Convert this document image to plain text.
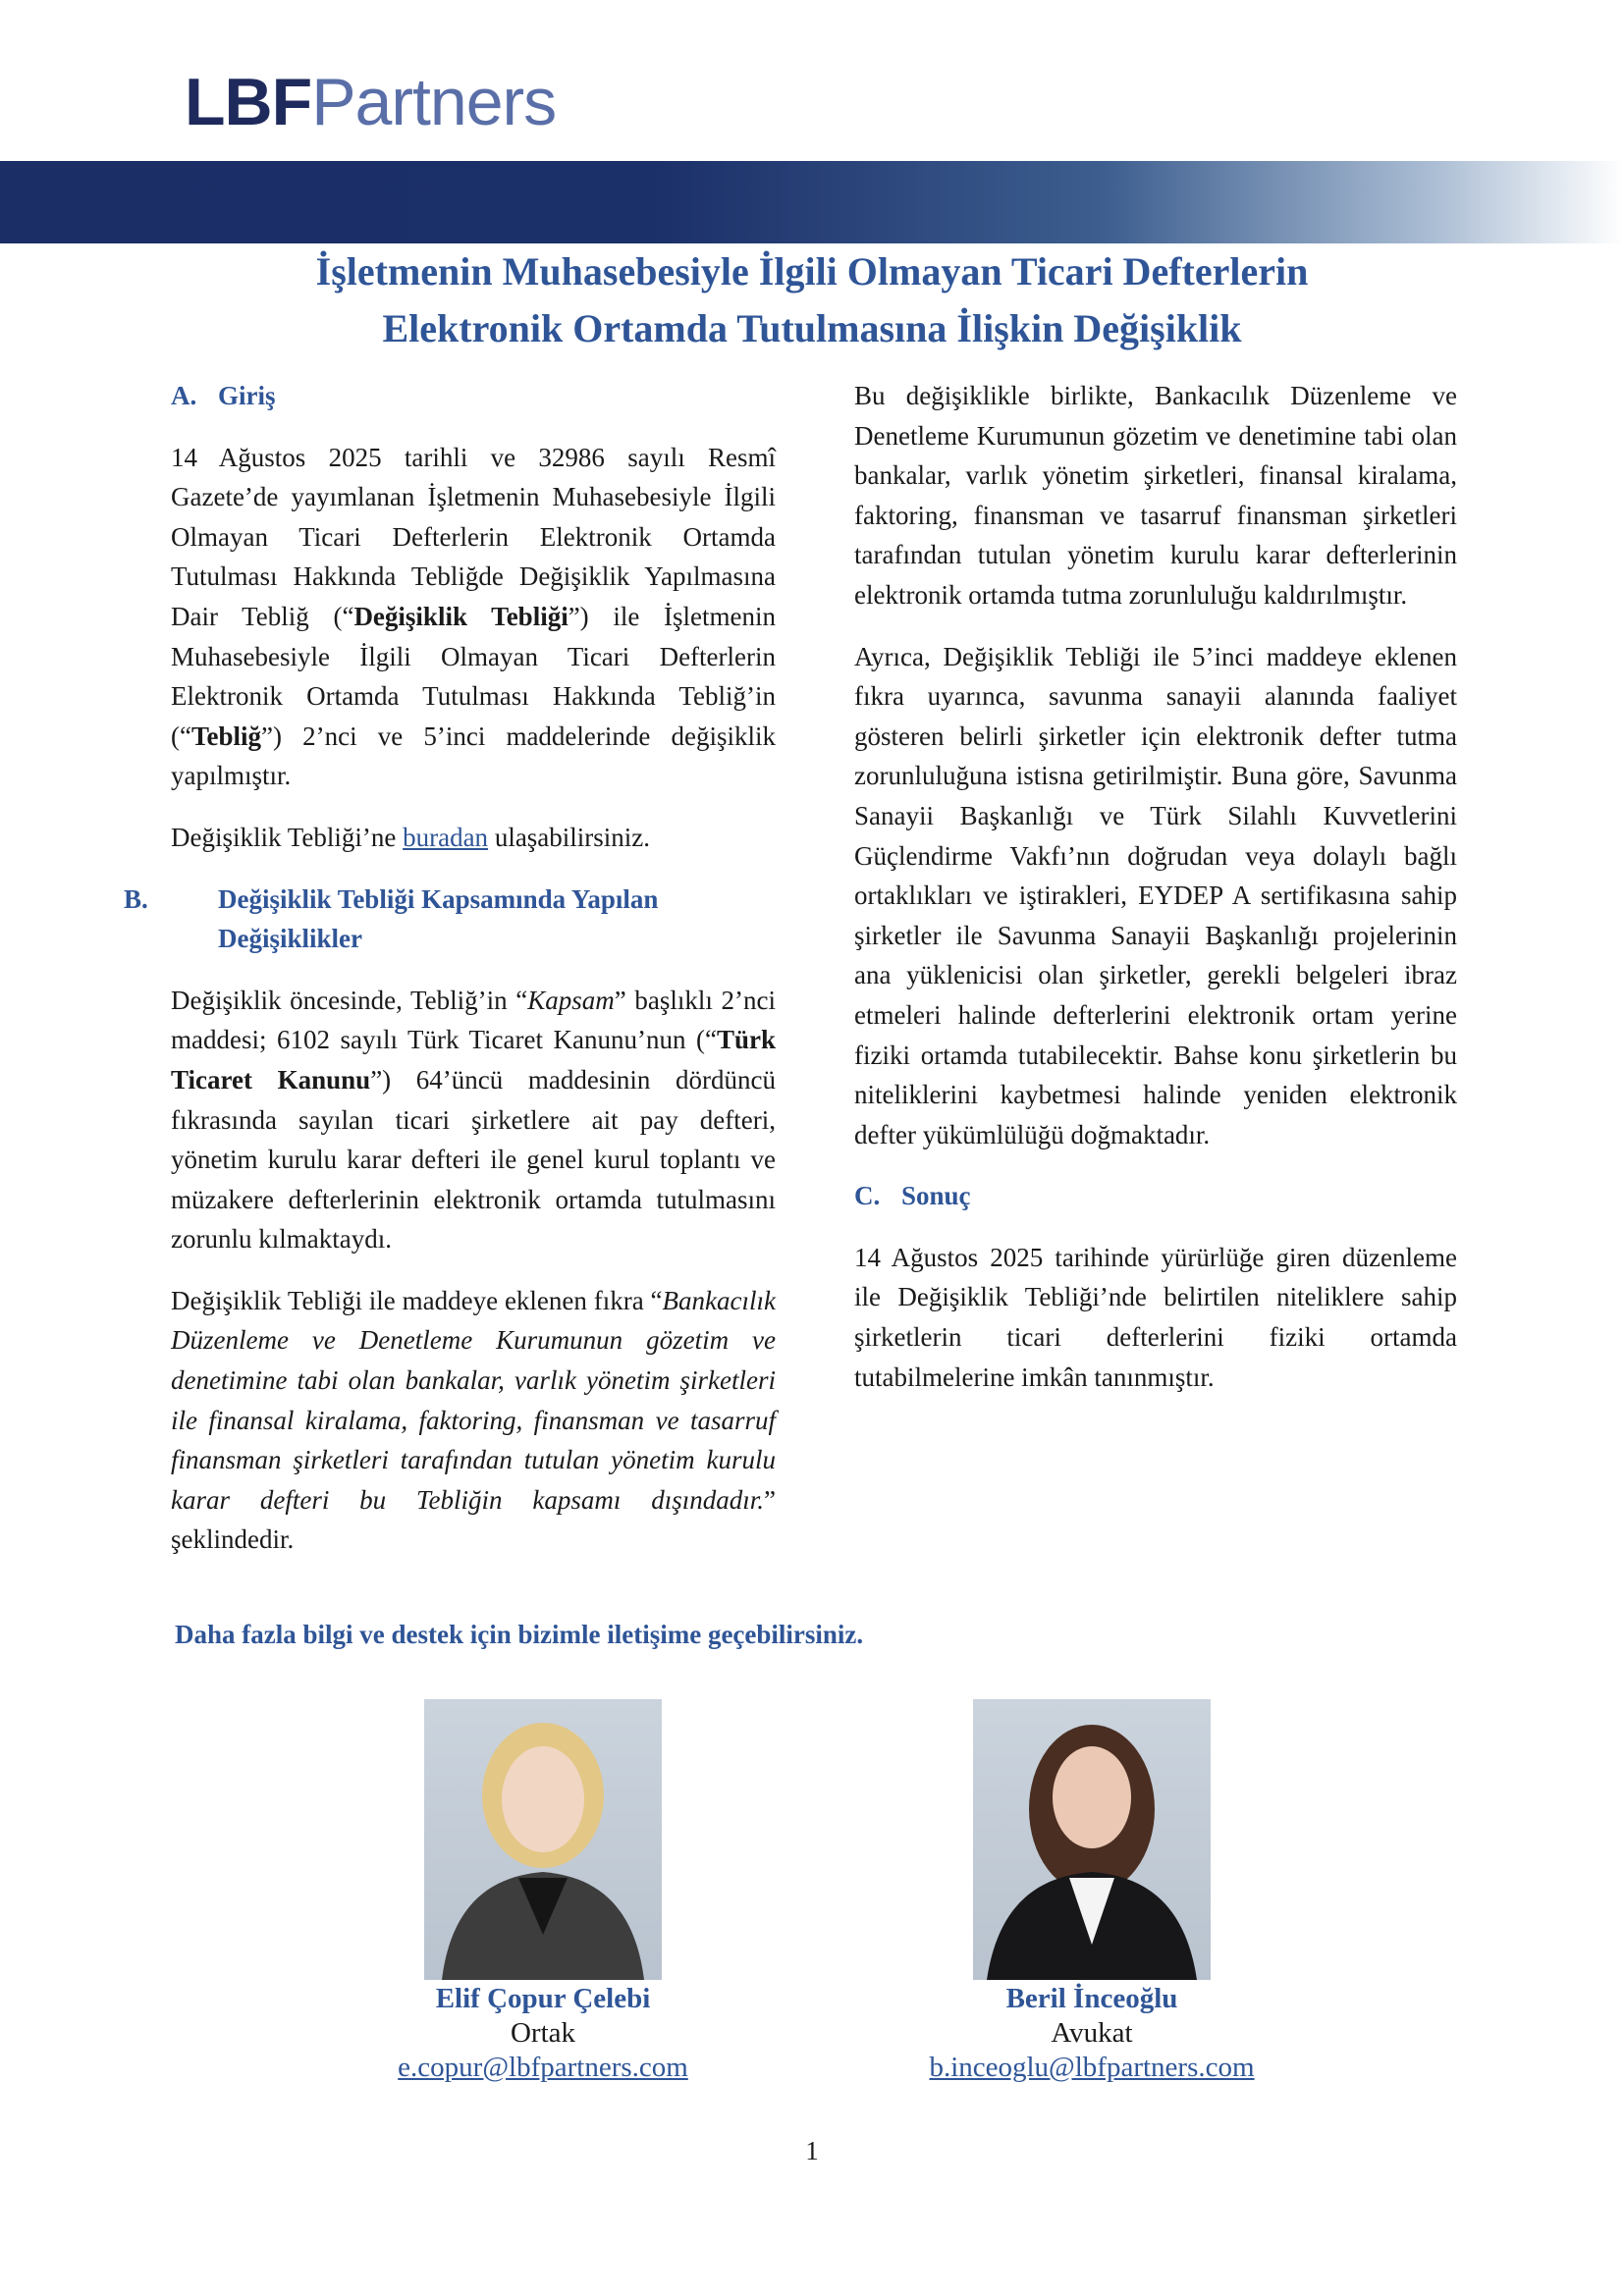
LBFPartners
İşletmenin Muhasebesiyle İlgili Olmayan Ticari Defterlerin
Elektronik Ortamda Tutulmasına İlişkin Değişiklik
A. Giriş

14 Ağustos 2025 tarihli ve 32986 sayılı Resmî Gazete’de yayımlanan İşletmenin Muhasebesiyle İlgili Olmayan Ticari Defterlerin Elektronik Ortamda Tutulması Hakkında Tebliğde Değişiklik Yapılmasına Dair Tebliğ (“Değişiklik Tebliği”) ile İşletmenin Muhasebesiyle İlgili Olmayan Ticari Defterlerin Elektronik Ortamda Tutulması Hakkında Tebliğ’in (“Tebliğ”) 2’nci ve 5’inci maddelerinde değişiklik yapılmıştır.

Değişiklik Tebliği’ne buradan ulaşabilirsiniz.

B.	Değişiklik Tebliği Kapsamında Yapılan Değişiklikler

Değişiklik öncesinde, Tebliğ’in “Kapsam” başlıklı 2’nci maddesi; 6102 sayılı Türk Ticaret Kanunu’nun (“Türk Ticaret Kanunu”) 64’üncü maddesinin dördüncü fıkrasında sayılan ticari şirketlere ait pay defteri, yönetim kurulu karar defteri ile genel kurul toplantı ve müzakere defterlerinin elektronik ortamda tutulmasını zorunlu kılmaktaydı.

Değişiklik Tebliği ile maddeye eklenen fıkra “Bankacılık Düzenleme ve Denetleme Kurumunun gözetim ve denetimine tabi olan bankalar, varlık yönetim şirketleri ile finansal kiralama, faktoring, finansman ve tasarruf finansman şirketleri tarafından tutulan yönetim kurulu karar defteri bu Tebliğin kapsamı dışındadır.” şeklindedir.

Bu değişiklikle birlikte, Bankacılık Düzenleme ve Denetleme Kurumunun gözetim ve denetimine tabi olan bankalar, varlık yönetim şirketleri, finansal kiralama, faktoring, finansman ve tasarruf finansman şirketleri tarafından tutulan yönetim kurulu karar defterlerinin elektronik ortamda tutma zorunluluğu kaldırılmıştır.

Ayrıca, Değişiklik Tebliği ile 5’inci maddeye eklenen fıkra uyarınca, savunma sanayii alanında faaliyet gösteren belirli şirketler için elektronik defter tutma zorunluluğuna istisna getirilmiştir. Buna göre, Savunma Sanayii Başkanlığı ve Türk Silahlı Kuvvetlerini Güçlendirme Vakfı’nın doğrudan veya dolaylı bağlı ortaklıkları ve iştirakleri, EYDEP A sertifikasına sahip şirketler ile Savunma Sanayii Başkanlığı projelerinin ana yüklenicisi olan şirketler, gerekli belgeleri ibraz etmeleri halinde defterlerini elektronik ortam yerine fiziki ortamda tutabilecektir. Bahse konu şirketlerin bu niteliklerini kaybetmesi halinde yeniden elektronik defter yükümlülüğü doğmaktadır.

C. Sonuç

14 Ağustos 2025 tarihinde yürürlüğe giren düzenleme ile Değişiklik Tebliği’nde belirtilen niteliklere sahip şirketlerin ticari defterlerini fiziki ortamda tutabilmelerine imkân tanınmıştır.

Daha fazla bilgi ve destek için bizimle iletişime geçebilirsiniz.
Elif Çopur Çelebi
Ortak
e.copur@lbfpartners.com
Beril İnceoğlu
Avukat
b.inceoglu@lbfpartners.com
1
